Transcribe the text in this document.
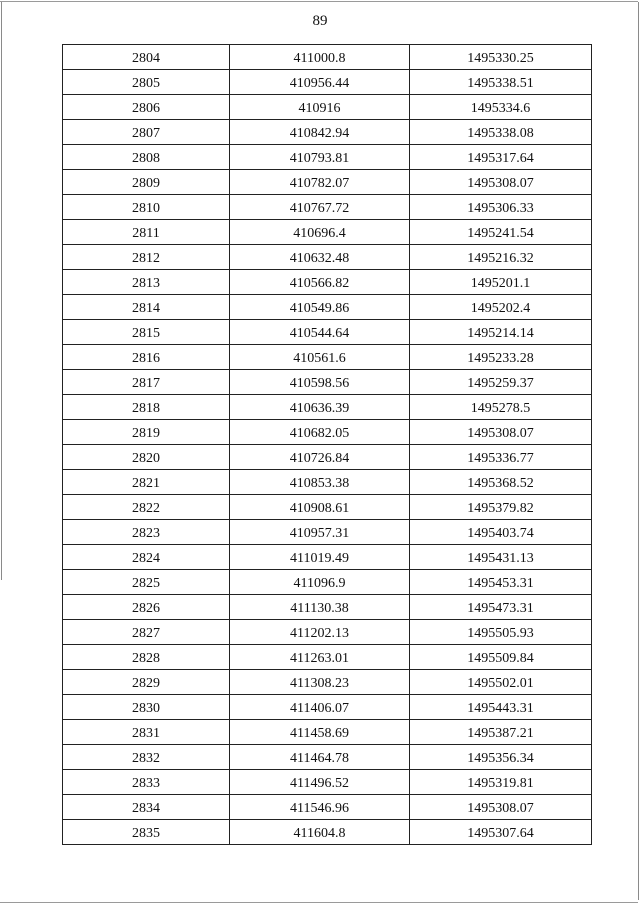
89
2804	411000.8	1495330.25
2805	410956.44	1495338.51
2806	410916	1495334.6
2807	410842.94	1495338.08
2808	410793.81	1495317.64
2809	410782.07	1495308.07
2810	410767.72	1495306.33
2811	410696.4	1495241.54
2812	410632.48	1495216.32
2813	410566.82	1495201.1
2814	410549.86	1495202.4
2815	410544.64	1495214.14
2816	410561.6	1495233.28
2817	410598.56	1495259.37
2818	410636.39	1495278.5
2819	410682.05	1495308.07
2820	410726.84	1495336.77
2821	410853.38	1495368.52
2822	410908.61	1495379.82
2823	410957.31	1495403.74
2824	411019.49	1495431.13
2825	411096.9	1495453.31
2826	411130.38	1495473.31
2827	411202.13	1495505.93
2828	411263.01	1495509.84
2829	411308.23	1495502.01
2830	411406.07	1495443.31
2831	411458.69	1495387.21
2832	411464.78	1495356.34
2833	411496.52	1495319.81
2834	411546.96	1495308.07
2835	411604.8	1495307.64
